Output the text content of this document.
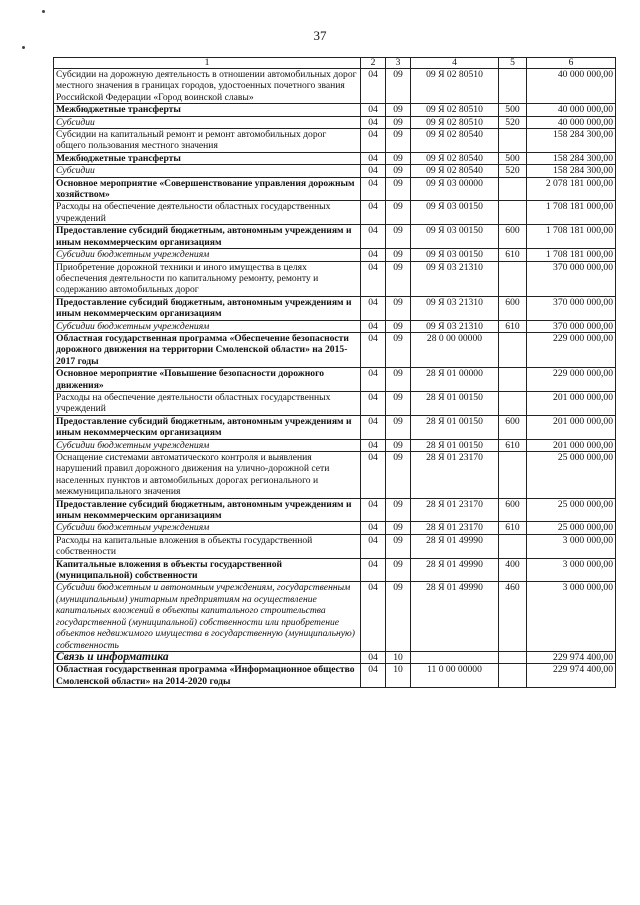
37
1	2	3	4	5	6
Субсидии на дорожную деятельность в отношении автомобильных дорог местного значения в границах городов, удостоенных почетного звания Российской Федерации «Город воинской славы»	04	09	09 Я 02 80510		40 000 000,00
Межбюджетные трансферты	04	09	09 Я 02 80510	500	40 000 000,00
Субсидии	04	09	09 Я 02 80510	520	40 000 000,00
Субсидии на капитальный ремонт и ремонт автомобильных дорог общего пользования местного значения	04	09	09 Я 02 80540		158 284 300,00
Межбюджетные трансферты	04	09	09 Я 02 80540	500	158 284 300,00
Субсидии	04	09	09 Я 02 80540	520	158 284 300,00
Основное мероприятие «Совершенствование управления дорожным хозяйством»	04	09	09 Я 03 00000		2 078 181 000,00
Расходы на обеспечение деятельности областных государственных учреждений	04	09	09 Я 03 00150		1 708 181 000,00
Предоставление субсидий бюджетным, автономным учреждениям и иным некоммерческим организациям	04	09	09 Я 03 00150	600	1 708 181 000,00
Субсидии бюджетным учреждениям	04	09	09 Я 03 00150	610	1 708 181 000,00
Приобретение дорожной техники и иного имущества в целях обеспечения деятельности по капитальному ремонту, ремонту и содержанию автомобильных дорог	04	09	09 Я 03 21310		370 000 000,00
Предоставление субсидий бюджетным, автономным учреждениям и иным некоммерческим организациям	04	09	09 Я 03 21310	600	370 000 000,00
Субсидии бюджетным учреждениям	04	09	09 Я 03 21310	610	370 000 000,00
Областная государственная программа «Обеспечение безопасности дорожного движения на территории Смоленской области» на 2015-2017 годы	04	09	28 0 00 00000		229 000 000,00
Основное мероприятие «Повышение безопасности дорожного движения»	04	09	28 Я 01 00000		229 000 000,00
Расходы на обеспечение деятельности областных государственных учреждений	04	09	28 Я 01 00150		201 000 000,00
Предоставление субсидий бюджетным, автономным учреждениям и иным некоммерческим организациям	04	09	28 Я 01 00150	600	201 000 000,00
Субсидии бюджетным учреждениям	04	09	28 Я 01 00150	610	201 000 000,00
Оснащение системами автоматического контроля и выявления нарушений правил дорожного движения на улично-дорожной сети населенных пунктов и автомобильных дорогах регионального и межмуниципального значения	04	09	28 Я 01 23170		25 000 000,00
Предоставление субсидий бюджетным, автономным учреждениям и иным некоммерческим организациям	04	09	28 Я 01 23170	600	25 000 000,00
Субсидии бюджетным учреждениям	04	09	28 Я 01 23170	610	25 000 000,00
Расходы на капитальные вложения в объекты государственной собственности	04	09	28 Я 01 49990		3 000 000,00
Капитальные вложения в объекты государственной (муниципальной) собственности	04	09	28 Я 01 49990	400	3 000 000,00
Субсидии бюджетным и автономным учреждениям, государственным (муниципальным) унитарным предприятиям на осуществление капитальных вложений в объекты капитального строительства государственной (муниципальной) собственности или приобретение объектов недвижимого имущества в государственную (муниципальную) собственность	04	09	28 Я 01 49990	460	3 000 000,00
Связь и информатика	04	10			229 974 400,00
Областная государственная программа «Информационное общество Смоленской области» на 2014-2020 годы	04	10	11 0 00 00000		229 974 400,00
